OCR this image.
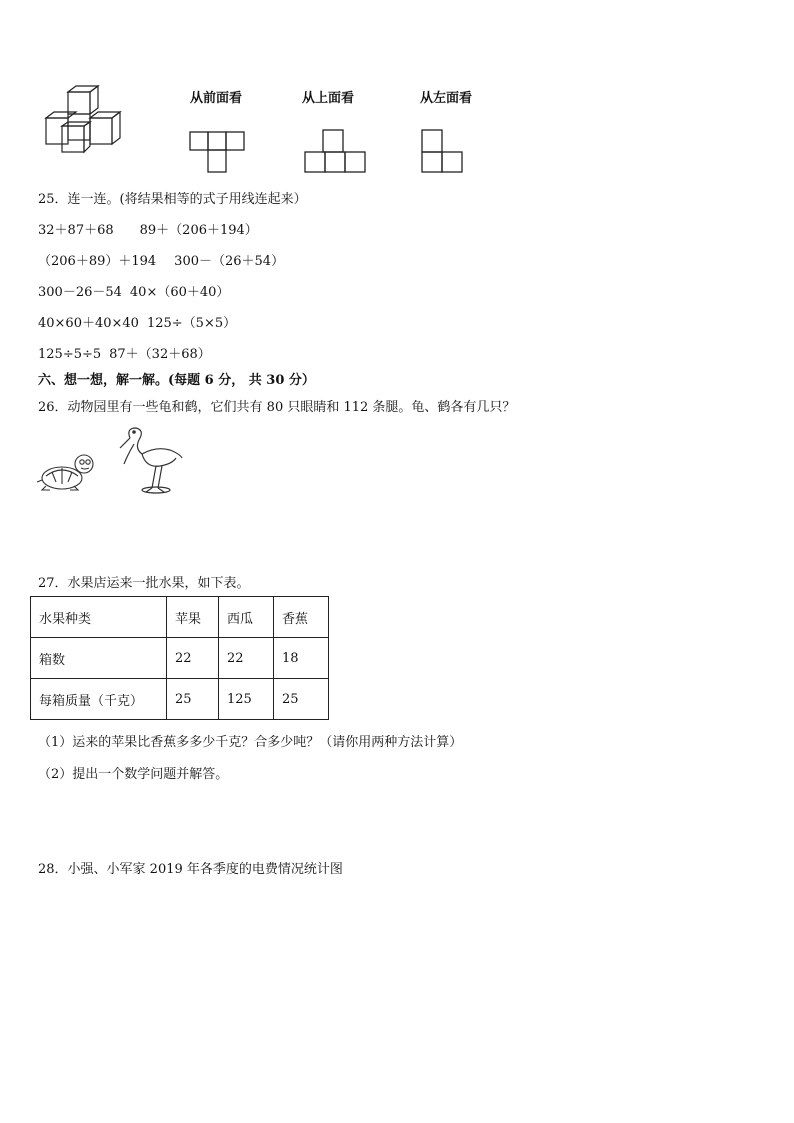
从前面看	从上面看	从左面看
25．连一连。(将结果相等的式子用线连起来）
32＋87＋68 89＋（206＋194）
（206＋89）＋194 300－（26＋54）
300－26－54 40×（60＋40）
40×60＋40×40 125÷（5×5）
125÷5÷5 87＋（32＋68）
六、想一想，解一解。(每题 6 分， 共 30 分）
26．动物园里有一些龟和鹤，它们共有 80 只眼睛和 112 条腿。龟、鹤各有几只？
27．水果店运来一批水果，如下表。
水果种类	苹果	西瓜	香蕉
箱数	22	22	18
每箱质量（千克）	25	125	25
（1）运来的苹果比香蕉多多少千克？合多少吨？（请你用两种方法计算）
（2）提出一个数学问题并解答。
28．小强、小军家 2019 年各季度的电费情况统计图
